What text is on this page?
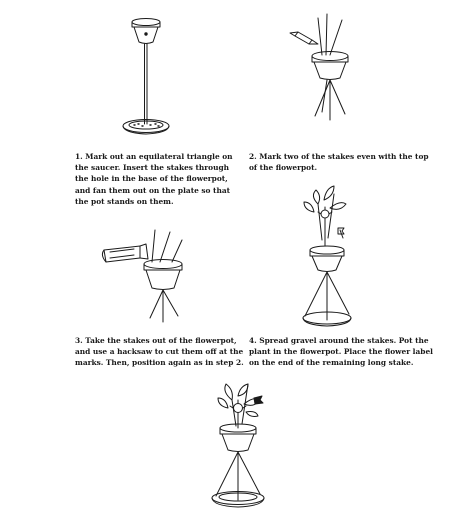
1. Mark out an equilateral triangle on the saucer. Insert the stakes through the hole in the base of the flowerpot, and fan them out on the plate so that the pot stands on them.

2. Mark two of the stakes even with the top of the flowerpot.

3. Take the stakes out of the flowerpot, and use a hacksaw to cut them off at the marks. Then, position again as in step 2.

4. Spread gravel around the stakes. Pot the plant in the flowerpot. Place the flower label on the end of the remaining long stake.
